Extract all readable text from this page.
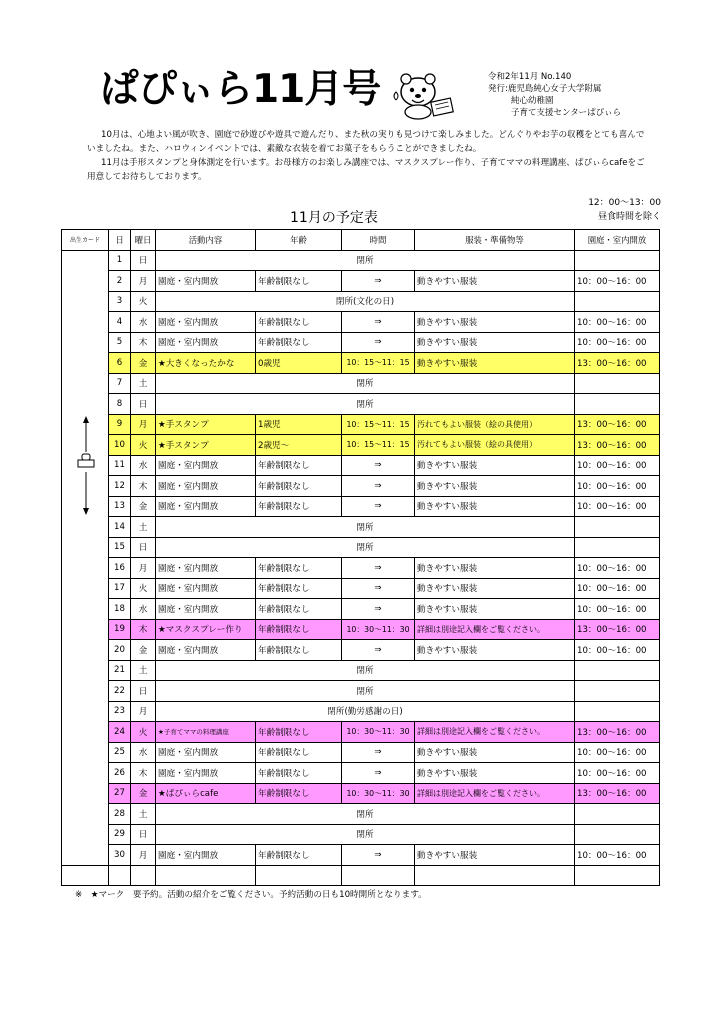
ぱぴぃら11月号	令和2年11月 No.140
発行:鹿児島純心女子大学附属
純心幼稚園
子育て支援センターぱぴぃら

10月は、心地よい風が吹き、園庭で砂遊びや遊具で遊んだり、また秋の実りも見つけて楽しみました。どんぐりやお芋の収穫をとても喜んでいましたね。また、ハロウィンイベントでは、素敵な衣装を着てお菓子をもらうことができましたね。

11月は手形スタンプと身体測定を行います。お母様方のお楽しみ講座では、マスクスプレー作り、子育てママの料理講座、ぱぴぃらcafeをご用意してお待ちしております。

12：00～13：00
昼食時間を除く
11月の予定表
出生カード	日	曜日	活動内容	年齢	時間	服装・準備物等	園庭・室内開放
	1	日	閉所				
	2	月	園庭・室内開放	年齢制限なし	⇒	動きやすい服装	10：00～16：00
	3	火	閉所(文化の日)				
	4	水	園庭・室内開放	年齢制限なし	⇒	動きやすい服装	10：00～16：00
	5	木	園庭・室内開放	年齢制限なし	⇒	動きやすい服装	10：00～16：00
	6	金	★大きくなったかな	0歳児	10：15～11：15	動きやすい服装	13：00～16：00
	7	土	閉所				
	8	日	閉所				
	9	月	★手スタンプ	1歳児	10：15～11：15	汚れてもよい服装（絵の具使用）	13：00～16：00
	10	火	★手スタンプ	2歳児～	10：15～11：15	汚れてもよい服装（絵の具使用）	13：00～16：00
	11	水	園庭・室内開放	年齢制限なし	⇒	動きやすい服装	10：00～16：00
	12	木	園庭・室内開放	年齢制限なし	⇒	動きやすい服装	10：00～16：00
	13	金	園庭・室内開放	年齢制限なし	⇒	動きやすい服装	10：00～16：00
	14	土	閉所				
	15	日	閉所				
	16	月	園庭・室内開放	年齢制限なし	⇒	動きやすい服装	10：00～16：00
	17	火	園庭・室内開放	年齢制限なし	⇒	動きやすい服装	10：00～16：00
	18	水	園庭・室内開放	年齢制限なし	⇒	動きやすい服装	10：00～16：00
	19	木	★マスクスプレー作り	年齢制限なし	10：30～11：30	詳細は別途記入欄をご覧ください。	13：00～16：00
	20	金	園庭・室内開放	年齢制限なし	⇒	動きやすい服装	10：00～16：00
	21	土	閉所				
	22	日	閉所				
	23	月	閉所(勤労感謝の日)				
	24	火	★子育てママの料理講座	年齢制限なし	10：30～11：30	詳細は別途記入欄をご覧ください。	13：00～16：00
	25	水	園庭・室内開放	年齢制限なし	⇒	動きやすい服装	10：00～16：00
	26	木	園庭・室内開放	年齢制限なし	⇒	動きやすい服装	10：00～16：00
	27	金	★ぱぴぃらcafe	年齢制限なし	10：30～11：30	詳細は別途記入欄をご覧ください。	13：00～16：00
	28	土	閉所				
	29	日	閉所				
	30	月	園庭・室内開放	年齢制限なし	⇒	動きやすい服装	10：00～16：00

※　★マーク　要予約。活動の紹介をご覧ください。予約活動の日も10時開所となります。
